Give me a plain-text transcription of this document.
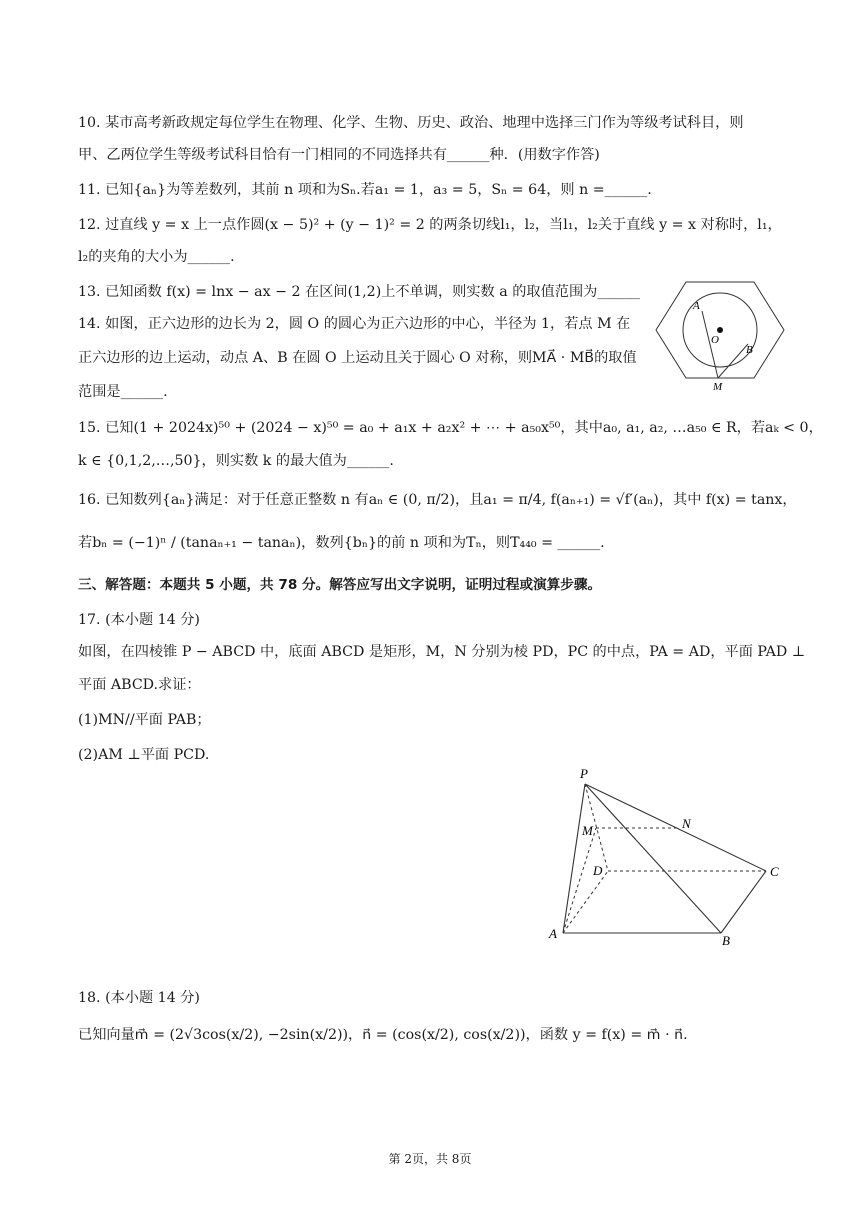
10. 某市高考新政规定每位学生在物理、化学、生物、历史、政治、地理中选择三门作为等级考试科目，则
甲、乙两位学生等级考试科目恰有一门相同的不同选择共有______种．(用数字作答)
11. 已知{aₙ}为等差数列，其前 n 项和为Sₙ.若a₁ = 1，a₃ = 5，Sₙ = 64，则 n =______.
12. 过直线 y = x 上一点作圆(x − 5)² + (y − 1)² = 2 的两条切线l₁，l₂，当l₁，l₂关于直线 y = x 对称时，l₁，
l₂的夹角的大小为______.
13. 已知函数 f(x) = lnx − ax − 2 在区间(1,2)上不单调，则实数 a 的取值范围为______
14. 如图，正六边形的边长为 2，圆 O 的圆心为正六边形的中心，半径为 1，若点 M 在
正六边形的边上运动，动点 A、B 在圆 O 上运动且关于圆心 O 对称，则MA⃗ · MB⃗的取值
范围是______.
A
O
B
M
15. 已知(1 + 2024x)⁵⁰ + (2024 − x)⁵⁰ = a₀ + a₁x + a₂x² + ⋯ + a₅₀x⁵⁰，其中a₀, a₁, a₂, …a₅₀ ∈ R，若aₖ < 0，
k ∈ {0,1,2,…,50}，则实数 k 的最大值为______.
16. 已知数列{aₙ}满足：对于任意正整数 n 有aₙ ∈ (0, π/2)，且a₁ = π/4, f(aₙ₊₁) = √f′(aₙ)，其中 f(x) = tanx，
若bₙ = (−1)ⁿ / (tanaₙ₊₁ − tanaₙ)，数列{bₙ}的前 n 项和为Tₙ，则T₄₄₀ = ______.
三、解答题：本题共 5 小题，共 78 分。解答应写出文字说明，证明过程或演算步骤。
17. (本小题 14 分)
如图，在四棱锥 P − ABCD 中，底面 ABCD 是矩形，M，N 分别为棱 PD，PC 的中点，PA = AD，平面 PAD ⊥
平面 ABCD.求证：
(1)MN//平面 PAB；
(2)AM ⊥平面 PCD.
P
M	N
D	C
A	B
18. (本小题 14 分)
已知向量m⃗ = (2√3cos(x/2), −2sin(x/2))，n⃗ = (cos(x/2), cos(x/2))，函数 y = f(x) = m⃗ · n⃗.
第 2页，共 8页
